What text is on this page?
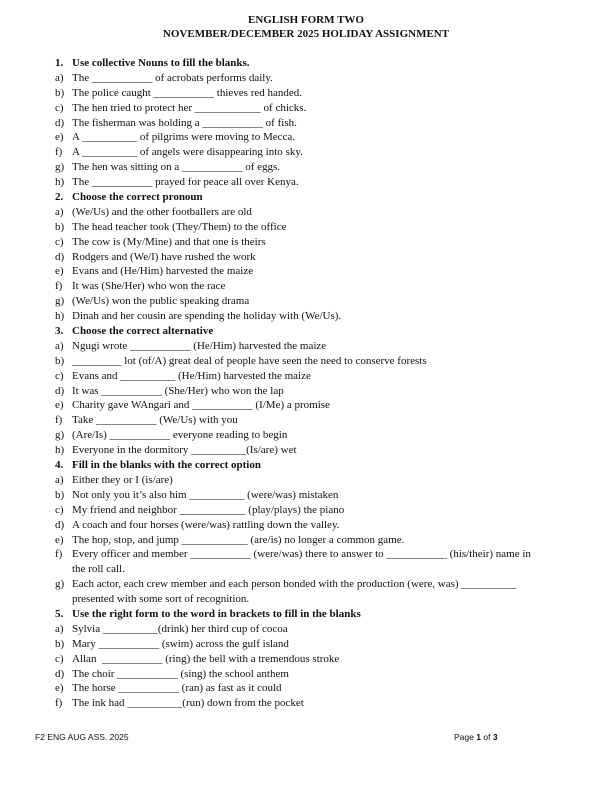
ENGLISH FORM TWO
NOVEMBER/DECEMBER 2025 HOLIDAY ASSIGNMENT
1. Use collective Nouns to fill the blanks.
a) The ___________ of acrobats performs daily.
b) The police caught ___________ thieves red handed.
c) The hen tried to protect her ____________ of chicks.
d) The fisherman was holding a ___________ of fish.
e) A __________ of pilgrims were moving to Mecca.
f) A __________ of angels were disappearing into sky.
g) The hen was sitting on a ___________ of eggs.
h) The ___________ prayed for peace all over Kenya.
2. Choose the correct pronoun
a) (We/Us) and the other footballers are old
b) The head teacher took (They/Them) to the office
c) The cow is (My/Mine) and that one is theirs
d) Rodgers and (We/I) have rushed the work
e) Evans and (He/Him) harvested the maize
f) It was (She/Her) who won the race
g) (We/Us) won the public speaking drama
h) Dinah and her cousin are spending the holiday with (We/Us).
3. Choose the correct alternative
a) Ngugi wrote ___________ (He/Him) harvested the maize
b) _________ lot (of/A) great deal of people have seen the need to conserve forests
c) Evans and __________ (He/Him) harvested the maize
d) It was ___________ (She/Her) who won the lap
e) Charity gave WAngari and ___________ (I/Me) a promise
f) Take ___________ (We/Us) with you
g) (Are/Is) ___________ everyone reading to begin
h) Everyone in the dormitory __________(Is/are) wet
4. Fill in the blanks with the correct option
a) Either they or I (is/are)
b) Not only you it’s also him __________ (were/was) mistaken
c) My friend and neighbor ____________ (play/plays) the piano
d) A coach and four horses (were/was) rattling down the valley.
e) The hop, stop, and jump ____________ (are/is) no longer a common game.
f) Every officer and member ___________ (were/was) there to answer to ___________ (his/their) name in
the roll call.
g) Each actor, each crew member and each person bonded with the production (were, was) __________
presented with some sort of recognition.
5. Use the right form to the word in brackets to fill in the blanks
a) Sylvia __________(drink) her third cup of cocoa
b) Mary ___________ (swim) across the gulf island
c) Allan  ___________ (ring) the bell with a tremendous stroke
d) The choir ___________ (sing) the school anthem
e) The horse ___________ (ran) as fast as it could
f) The ink had __________(run) down from the pocket
F2 ENG AUG ASS. 2025	Page 1 of 3
